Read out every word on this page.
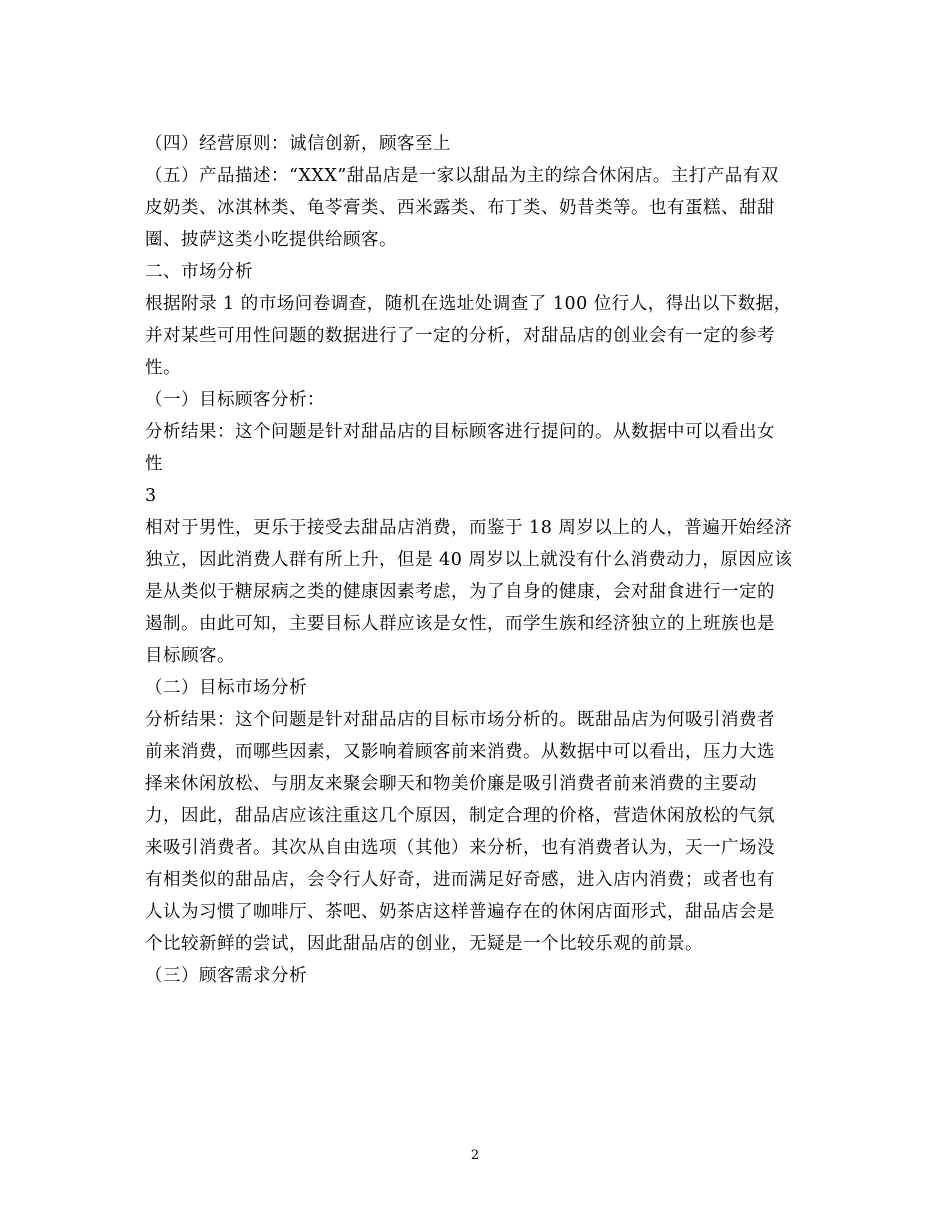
（四）经营原则：诚信创新，顾客至上
（五）产品描述：“XXX”甜品店是一家以甜品为主的综合休闲店。主打产品有双
皮奶类、冰淇林类、龟苓膏类、西米露类、布丁类、奶昔类等。也有蛋糕、甜甜
圈、披萨这类小吃提供给顾客。
二、市场分析
根据附录 1 的市场问卷调查，随机在选址处调查了 100 位行人，得出以下数据，
并对某些可用性问题的数据进行了一定的分析，对甜品店的创业会有一定的参考
性。
（一）目标顾客分析：
分析结果：这个问题是针对甜品店的目标顾客进行提问的。从数据中可以看出女
性
3
相对于男性，更乐于接受去甜品店消费，而鉴于 18 周岁以上的人，普遍开始经济
独立，因此消费人群有所上升，但是 40 周岁以上就没有什么消费动力，原因应该
是从类似于糖尿病之类的健康因素考虑，为了自身的健康，会对甜食进行一定的
遏制。由此可知，主要目标人群应该是女性，而学生族和经济独立的上班族也是
目标顾客。
（二）目标市场分析
分析结果：这个问题是针对甜品店的目标市场分析的。既甜品店为何吸引消费者
前来消费，而哪些因素，又影响着顾客前来消费。从数据中可以看出，压力大选
择来休闲放松、与朋友来聚会聊天和物美价廉是吸引消费者前来消费的主要动
力，因此，甜品店应该注重这几个原因，制定合理的价格，营造休闲放松的气氛
来吸引消费者。其次从自由选项（其他）来分析，也有消费者认为，天一广场没
有相类似的甜品店，会令行人好奇，进而满足好奇感，进入店内消费；或者也有
人认为习惯了咖啡厅、茶吧、奶茶店这样普遍存在的休闲店面形式，甜品店会是
个比较新鲜的尝试，因此甜品店的创业，无疑是一个比较乐观的前景。
（三）顾客需求分析
2
